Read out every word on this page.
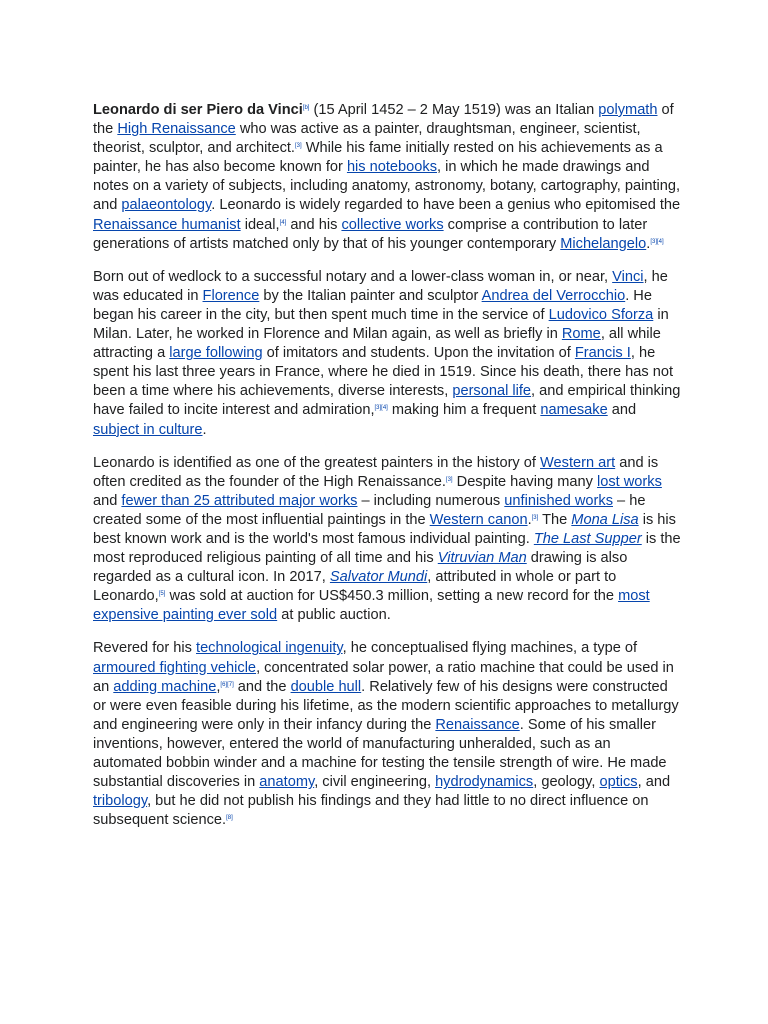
Leonardo di ser Piero da Vinci[b] (15 April 1452 – 2 May 1519) was an Italian polymath of the High Renaissance who was active as a painter, draughtsman, engineer, scientist, theorist, sculptor, and architect.[3] While his fame initially rested on his achievements as a painter, he has also become known for his notebooks, in which he made drawings and notes on a variety of subjects, including anatomy, astronomy, botany, cartography, painting, and palaeontology. Leonardo is widely regarded to have been a genius who epitomised the Renaissance humanist ideal,[4] and his collective works comprise a contribution to later generations of artists matched only by that of his younger contemporary Michelangelo.[3][4]

Born out of wedlock to a successful notary and a lower-class woman in, or near, Vinci, he was educated in Florence by the Italian painter and sculptor Andrea del Verrocchio. He began his career in the city, but then spent much time in the service of Ludovico Sforza in Milan. Later, he worked in Florence and Milan again, as well as briefly in Rome, all while attracting a large following of imitators and students. Upon the invitation of Francis I, he spent his last three years in France, where he died in 1519. Since his death, there has not been a time where his achievements, diverse interests, personal life, and empirical thinking have failed to incite interest and admiration,[3][4] making him a frequent namesake and subject in culture.

Leonardo is identified as one of the greatest painters in the history of Western art and is often credited as the founder of the High Renaissance.[3] Despite having many lost works and fewer than 25 attributed major works – including numerous unfinished works – he created some of the most influential paintings in the Western canon.[3] The Mona Lisa is his best known work and is the world's most famous individual painting. The Last Supper is the most reproduced religious painting of all time and his Vitruvian Man drawing is also regarded as a cultural icon. In 2017, Salvator Mundi, attributed in whole or part to Leonardo,[5] was sold at auction for US$450.3 million, setting a new record for the most expensive painting ever sold at public auction.

Revered for his technological ingenuity, he conceptualised flying machines, a type of armoured fighting vehicle, concentrated solar power, a ratio machine that could be used in an adding machine,[6][7] and the double hull. Relatively few of his designs were constructed or were even feasible during his lifetime, as the modern scientific approaches to metallurgy and engineering were only in their infancy during the Renaissance. Some of his smaller inventions, however, entered the world of manufacturing unheralded, such as an automated bobbin winder and a machine for testing the tensile strength of wire. He made substantial discoveries in anatomy, civil engineering, hydrodynamics, geology, optics, and tribology, but he did not publish his findings and they had little to no direct influence on subsequent science.[8]
